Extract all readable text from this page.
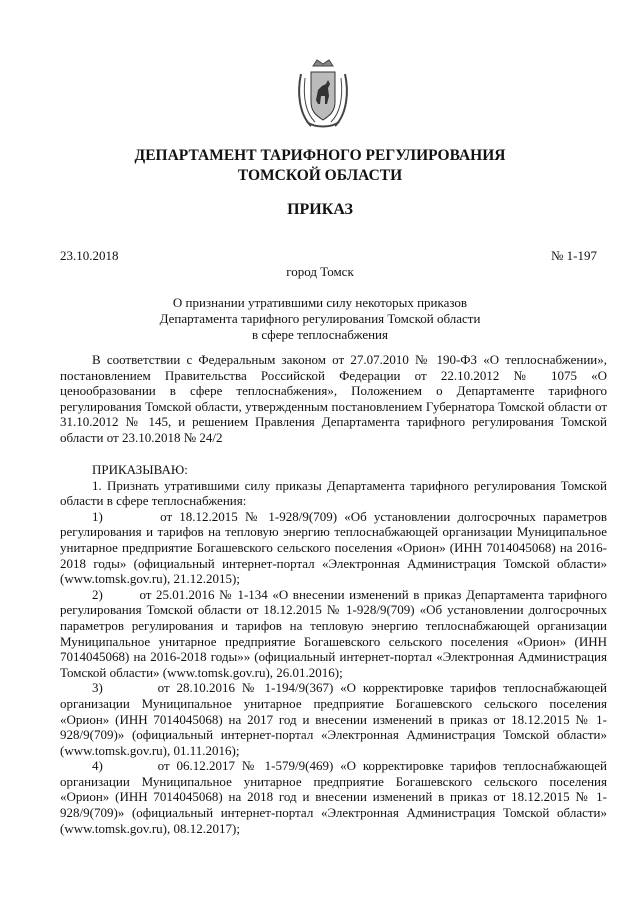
ДЕПАРТАМЕНТ ТАРИФНОГО РЕГУЛИРОВАНИЯ
ТОМСКОЙ ОБЛАСТИ
ПРИКАЗ
23.10.2018	№ 1-197
город Томск
О признании утратившими силу некоторых приказов
Департамента тарифного регулирования Томской области
в сфере теплоснабжения
В соответствии с Федеральным законом от 27.07.2010 № 190-ФЗ «О теплоснабжении», постановлением Правительства Российской Федерации от 22.10.2012 № 1075 «О ценообразовании в сфере теплоснабжения», Положением о Департаменте тарифного регулирования Томской области, утвержденным постановлением Губернатора Томской области от 31.10.2012 № 145, и решением Правления Департамента тарифного регулирования Томской области от 23.10.2018 № 24/2
ПРИКАЗЫВАЮ:
1. Признать утратившими силу приказы Департамента тарифного регулирования Томской области в сфере теплоснабжения:
1)	от 18.12.2015 № 1-928/9(709) «Об установлении долгосрочных параметров регулирования и тарифов на тепловую энергию теплоснабжающей организации Муниципальное унитарное предприятие Богашевского сельского поселения «Орион» (ИНН 7014045068) на 2016-2018 годы» (официальный интернет-портал «Электронная Администрация Томской области» (www.tomsk.gov.ru), 21.12.2015);
2)	от 25.01.2016 № 1-134 «О внесении изменений в приказ Департамента тарифного регулирования Томской области от 18.12.2015 № 1-928/9(709) «Об установлении долгосрочных параметров регулирования и тарифов на тепловую энергию теплоснабжающей организации Муниципальное унитарное предприятие Богашевского сельского поселения «Орион» (ИНН 7014045068) на 2016-2018 годы»» (официальный интернет-портал «Электронная Администрация Томской области» (www.tomsk.gov.ru), 26.01.2016);
3)	от 28.10.2016 № 1-194/9(367) «О корректировке тарифов теплоснабжающей организации Муниципальное унитарное предприятие Богашевского сельского поселения «Орион» (ИНН 7014045068) на 2017 год и внесении изменений в приказ от 18.12.2015 № 1-928/9(709)» (официальный интернет-портал «Электронная Администрация Томской области» (www.tomsk.gov.ru), 01.11.2016);
4)	от 06.12.2017 № 1-579/9(469) «О корректировке тарифов теплоснабжающей организации Муниципальное унитарное предприятие Богашевского сельского поселения «Орион» (ИНН 7014045068) на 2018 год и внесении изменений в приказ от 18.12.2015 № 1-928/9(709)» (официальный интернет-портал «Электронная Администрация Томской области» (www.tomsk.gov.ru), 08.12.2017);
